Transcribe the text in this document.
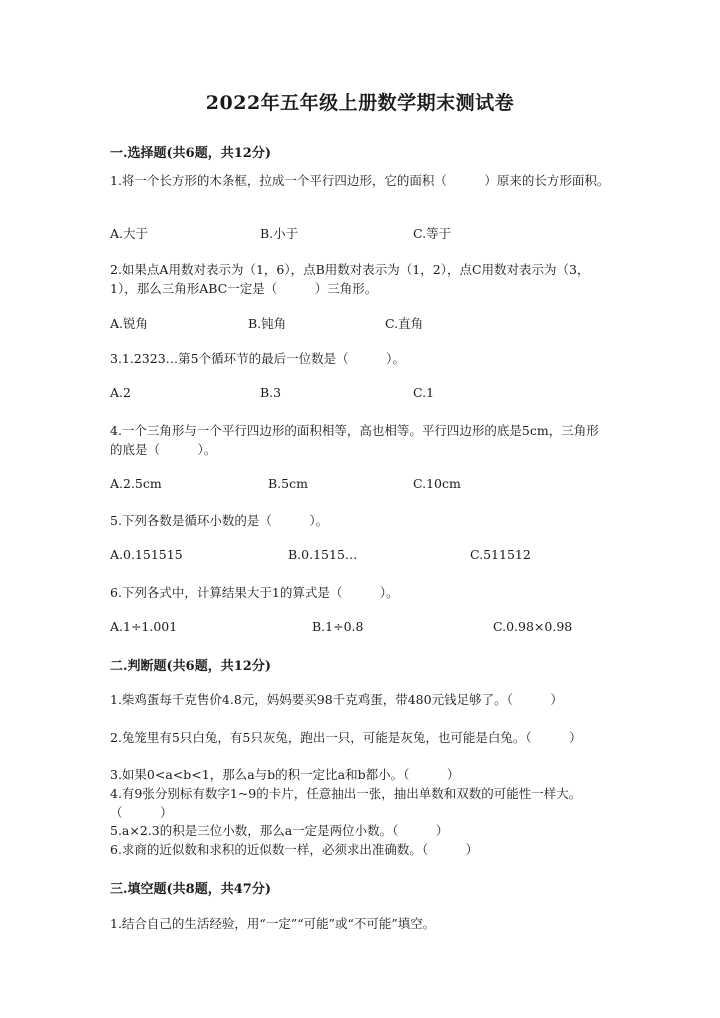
2022年五年级上册数学期末测试卷
一.选择题(共6题，共12分)
1.将一个长方形的木条框，拉成一个平行四边形，它的面积（　　　）原来的长方形面积。
A.大于	B.小于	C.等于
2.如果点A用数对表示为（1，6），点B用数对表示为（1，2），点C用数对表示为（3，1），那么三角形ABC一定是（　　　）三角形。
A.锐角	B.钝角	C.直角
3.1.2323…第5个循环节的最后一位数是（　　　）。
A.2	B.3	C.1
4.一个三角形与一个平行四边形的面积相等，高也相等。平行四边形的底是5cm，三角形的底是（　　　）。
A.2.5cm	B.5cm	C.10cm
5.下列各数是循环小数的是（　　　）。
A.0.151515	B.0.1515…	C.511512
6.下列各式中，计算结果大于1的算式是（　　　）。
A.1÷1.001	B.1÷0.8	C.0.98×0.98
二.判断题(共6题，共12分)
1.柴鸡蛋每千克售价4.8元，妈妈要买98千克鸡蛋，带480元钱足够了。（　　　）
2.兔笼里有5只白兔，有5只灰兔，跑出一只，可能是灰兔，也可能是白兔。（　　　）
3.如果0<a<b<1，那么a与b的积一定比a和b都小。（　　　）
4.有9张分别标有数字1~9的卡片，任意抽出一张，抽出单数和双数的可能性一样大。（　　　）
5.a×2.3的积是三位小数，那么a一定是两位小数。（　　　）
6.求商的近似数和求积的近似数一样，必须求出准确数。（　　　）
三.填空题(共8题，共47分)
1.结合自己的生活经验，用“一定”“可能”或“不可能”填空。
